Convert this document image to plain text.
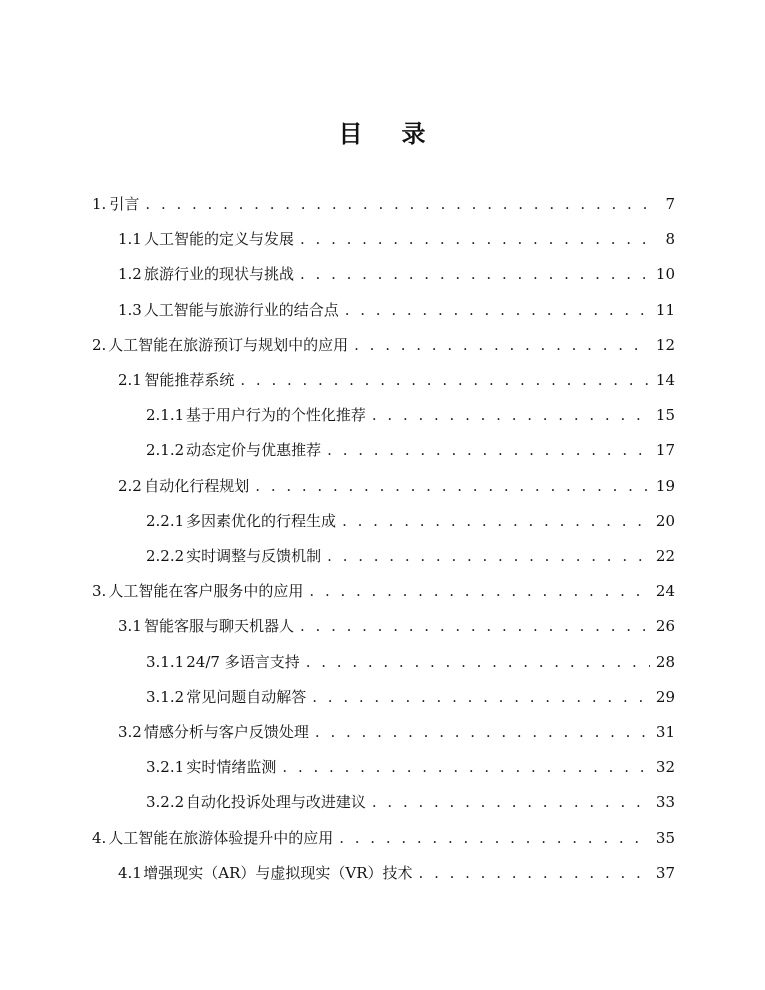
目 录
1. 引言 . . .	7
1.1 人工智能的定义与发展 . . .	8
1.2 旅游行业的现状与挑战 . . .	10
1.3 人工智能与旅游行业的结合点 . . .	11
2. 人工智能在旅游预订与规划中的应用 . . .	12
2.1 智能推荐系统 . . .	14
2.1.1 基于用户行为的个性化推荐 . . .	15
2.1.2 动态定价与优惠推荐 . . .	17
2.2 自动化行程规划 . . .	19
2.2.1 多因素优化的行程生成 . . .	20
2.2.2 实时调整与反馈机制 . . .	22
3. 人工智能在客户服务中的应用 . . .	24
3.1 智能客服与聊天机器人 . . .	26
3.1.1 24/7 多语言支持 . . .	28
3.1.2 常见问题自动解答 . . .	29
3.2 情感分析与客户反馈处理 . . .	31
3.2.1 实时情绪监测 . . .	32
3.2.2 自动化投诉处理与改进建议 . . .	33
4. 人工智能在旅游体验提升中的应用 . . .	35
4.1 增强现实（AR）与虚拟现实（VR）技术 . . .	37
